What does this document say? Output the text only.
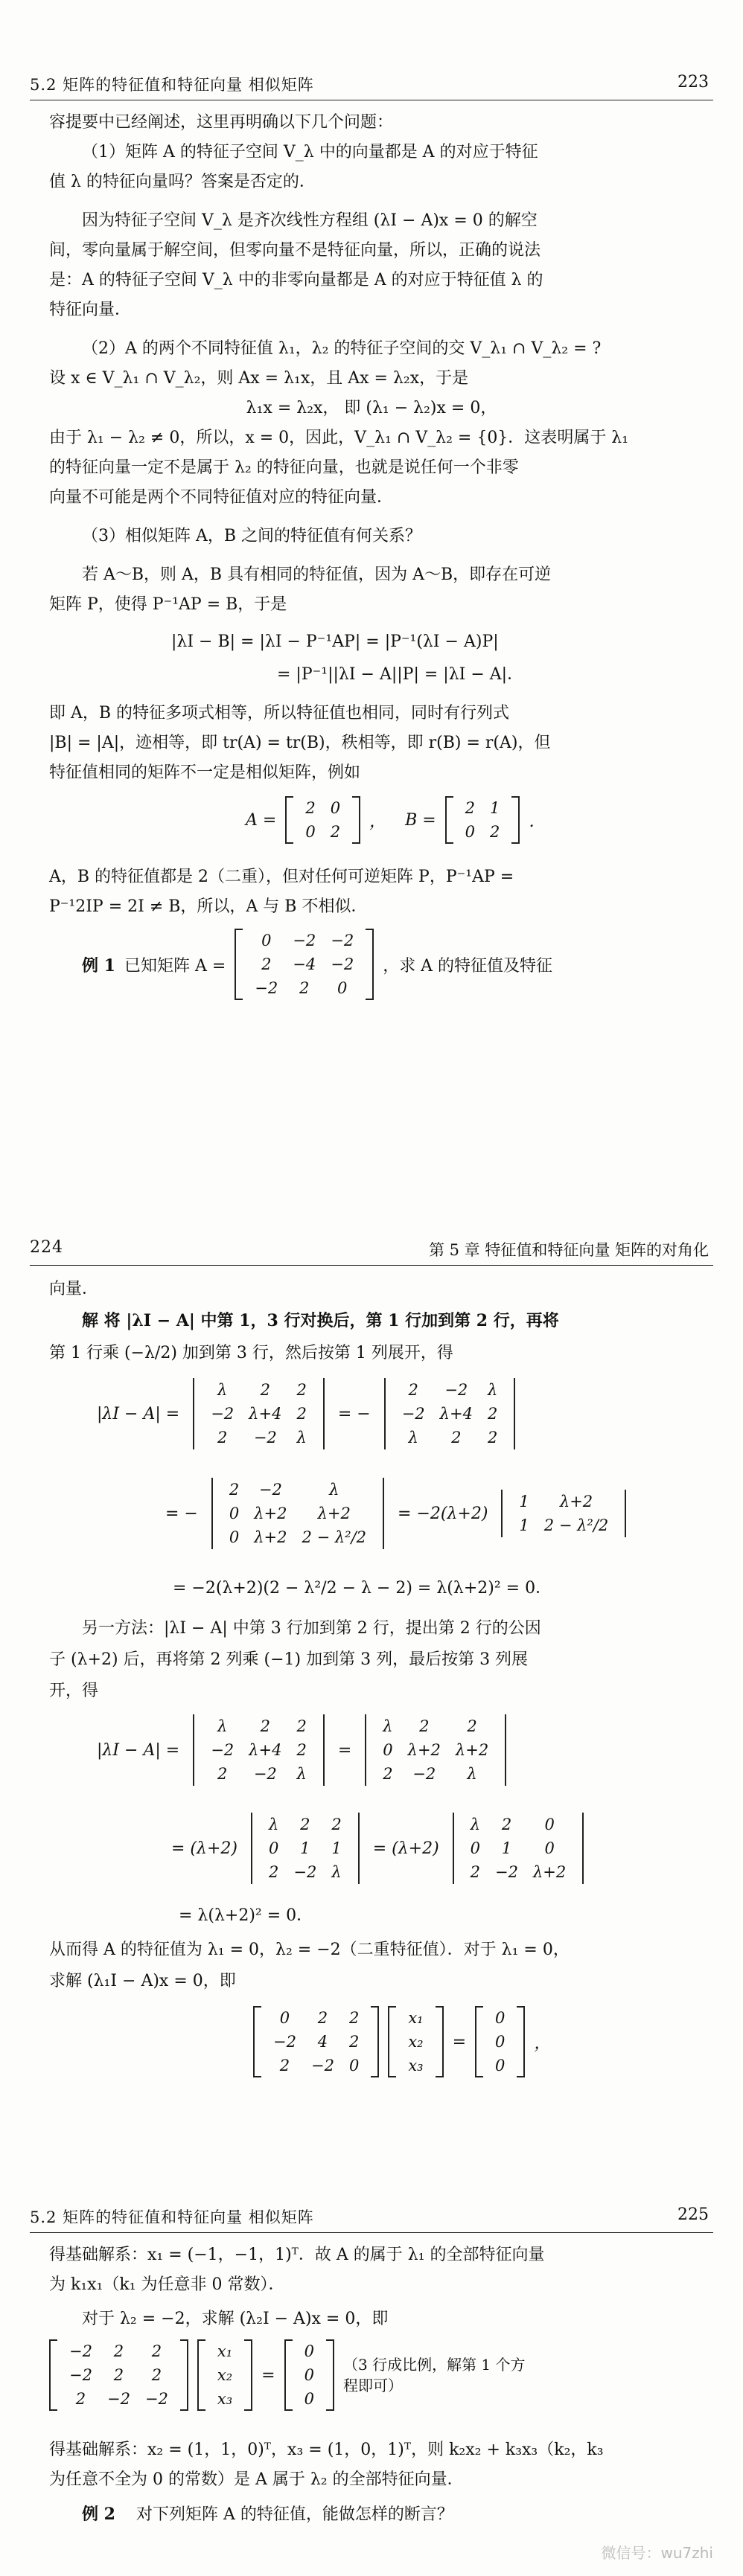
5.2 矩阵的特征值和特征向量 相似矩阵	223
容提要中已经阐述，这里再明确以下几个问题：
（1）矩阵 A 的特征子空间 V_λ 中的向量都是 A 的对应于特征
值 λ 的特征向量吗？答案是否定的．
因为特征子空间 V_λ 是齐次线性方程组 (λI − A)x = 0 的解空
间，零向量属于解空间，但零向量不是特征向量，所以，正确的说法
是：A 的特征子空间 V_λ 中的非零向量都是 A 的对应于特征值 λ 的
特征向量．
（2）A 的两个不同特征值 λ₁，λ₂ 的特征子空间的交 V_λ₁ ∩ V_λ₂ = ?
设 x ∈ V_λ₁ ∩ V_λ₂，则 Ax = λ₁x，且 Ax = λ₂x，于是
λ₁x = λ₂x， 即 (λ₁ − λ₂)x = 0，
由于 λ₁ − λ₂ ≠ 0，所以，x = 0，因此，V_λ₁ ∩ V_λ₂ = {0}．这表明属于 λ₁
的特征向量一定不是属于 λ₂ 的特征向量，也就是说任何一个非零
向量不可能是两个不同特征值对应的特征向量．
（3）相似矩阵 A，B 之间的特征值有何关系？
若 A～B，则 A，B 具有相同的特征值，因为 A～B，即存在可逆
矩阵 P，使得 P⁻¹AP = B，于是
|λI − B| = |λI − P⁻¹AP| = |P⁻¹(λI − A)P|
= |P⁻¹||λI − A||P| = |λI − A|．
即 A，B 的特征多项式相等，所以特征值也相同，同时有行列式
|B| = |A|，迹相等，即 tr(A) = tr(B)，秩相等，即 r(B) = r(A)，但
特征值相同的矩阵不一定是相似矩阵，例如
A =
2	0
0	2
， B =
2	1
0	2
．
A，B 的特征值都是 2（二重），但对任何可逆矩阵 P，P⁻¹AP =
P⁻¹2IP = 2I ≠ B，所以，A 与 B 不相似．
例 1 已知矩阵 A =
0	−2	−2
2	−4	−2
−2	2	0
，求 A 的特征值及特征
224	第 5 章 特征值和特征向量 矩阵的对角化
向量．
解 将 |λI − A| 中第 1，3 行对换后，第 1 行加到第 2 行，再将
第 1 行乘 (−λ/2) 加到第 3 行，然后按第 1 列展开，得
|λI − A| =
λ	2	2
−2	λ+4	2
2	−2	λ
= −
2	−2	λ
−2	λ+4	2
λ	2	2
= −
2	−2	λ
0	λ+2	λ+2
0	λ+2	2 − λ²/2
= −2(λ+2)
1	λ+2
1	2 − λ²/2
= −2(λ+2)(2 − λ²/2 − λ − 2) = λ(λ+2)² = 0．
另一方法：|λI − A| 中第 3 行加到第 2 行，提出第 2 行的公因
子 (λ+2) 后，再将第 2 列乘 (−1) 加到第 3 列，最后按第 3 列展
开，得
|λI − A| =
λ	2	2
−2	λ+4	2
2	−2	λ
=
λ	2	2
0	λ+2	λ+2
2	−2	λ
= (λ+2)
λ	2	2
0	1	1
2	−2	λ
= (λ+2)
λ	2	0
0	1	0
2	−2	λ+2
= λ(λ+2)² = 0．
从而得 A 的特征值为 λ₁ = 0，λ₂ = −2（二重特征值）．对于 λ₁ = 0，
求解 (λ₁I − A)x = 0，即
0	2	2
−2	4	2
2	−2	0
x₁
x₂
x₃
=
0
0
0
，
5.2 矩阵的特征值和特征向量 相似矩阵	225
得基础解系：x₁ = (−1，−1，1)ᵀ．故 A 的属于 λ₁ 的全部特征向量
为 k₁x₁（k₁ 为任意非 0 常数）．
对于 λ₂ = −2，求解 (λ₂I − A)x = 0，即
−2	2	2
−2	2	2
2	−2	−2
x₁
x₂
x₃
=
0
0
0
（3 行成比例，解第 1 个方程即可）
得基础解系：x₂ = (1，1，0)ᵀ，x₃ = (1，0，1)ᵀ，则 k₂x₂ + k₃x₃（k₂，k₃
为任意不全为 0 的常数）是 A 属于 λ₂ 的全部特征向量．
例 2 对下列矩阵 A 的特征值，能做怎样的断言？
微信号：wu7zhi
